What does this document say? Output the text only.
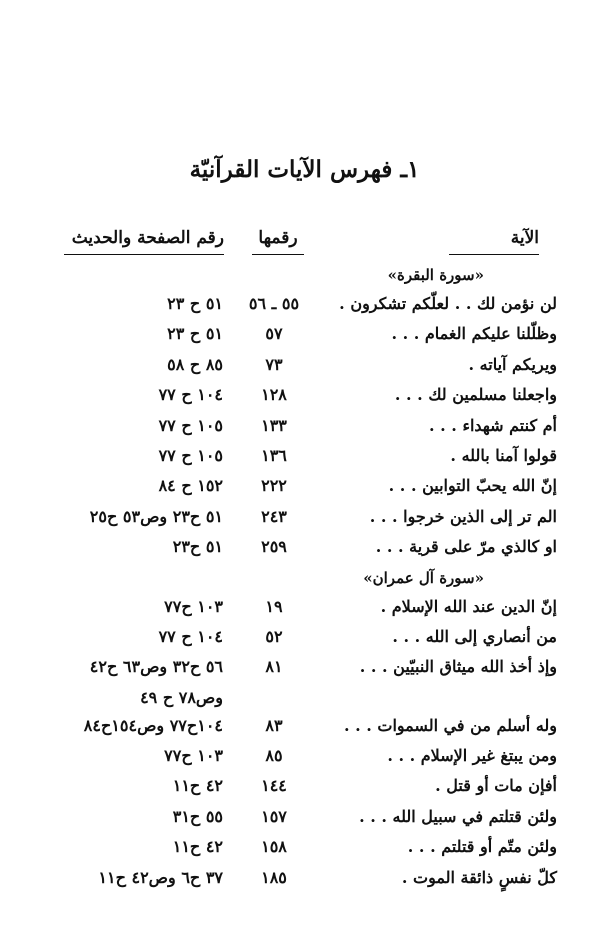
١ـ فهرس الآيات القرآنيّة
الآية
رقمها
رقم الصفحة والحديث
«سورة البقرة»
لن نؤمن لك . . لعلّكم تشكرون .
٥٥ ـ ٥٦
٥١ ح ٢٣
وظلّلنا عليكم الغمام . . .
٥٧
٥١ ح ٢٣
ويريكم آياته .
٧٣
٨٥ ح ٥٨
واجعلنا مسلمين لك . . .
١٢٨
١٠٤ ح ٧٧
أم كنتم شهداء . . .
١٣٣
١٠٥ ح ٧٧
قولوا آمنا بالله .
١٣٦
١٠٥ ح ٧٧
إنّ الله يحبّ التوابين . . .
٢٢٢
١٥٢ ح ٨٤
الم تر إلى الذين خرجوا . . .
٢٤٣
٥١ ح٢٣ وص٥٣ ح٢٥
او كالذي مرّ على قرية . . .
٢٥٩
٥١ ح٢٣
«سورة آل عمران»
إنّ الدين عند الله الإسلام .
١٩
١٠٣ ح٧٧
من أنصاري إلى الله . . .
٥٢
١٠٤ ح ٧٧
وإذ أخذ الله ميثاق النبيّين . . .
٨١
٥٦ ح٣٢ وص٦٣ ح٤٢
وص٧٨ ح ٤٩
وله أسلم من في السموات . . .
٨٣
١٠٤ح٧٧ وص١٥٤ح٨٤
ومن يبتغ غير الإسلام . . .
٨٥
١٠٣ ح٧٧
أفإن مات أو قتل .
١٤٤
٤٢ ح١١
ولئن قتلتم في سبيل الله . . .
١٥٧
٥٥ ح٣١
ولئن متّم أو قتلتم . . .
١٥٨
٤٢ ح١١
كلّ نفسٍ ذائقة الموت .
١٨٥
٣٧ ح٦ وص٤٢ ح١١
